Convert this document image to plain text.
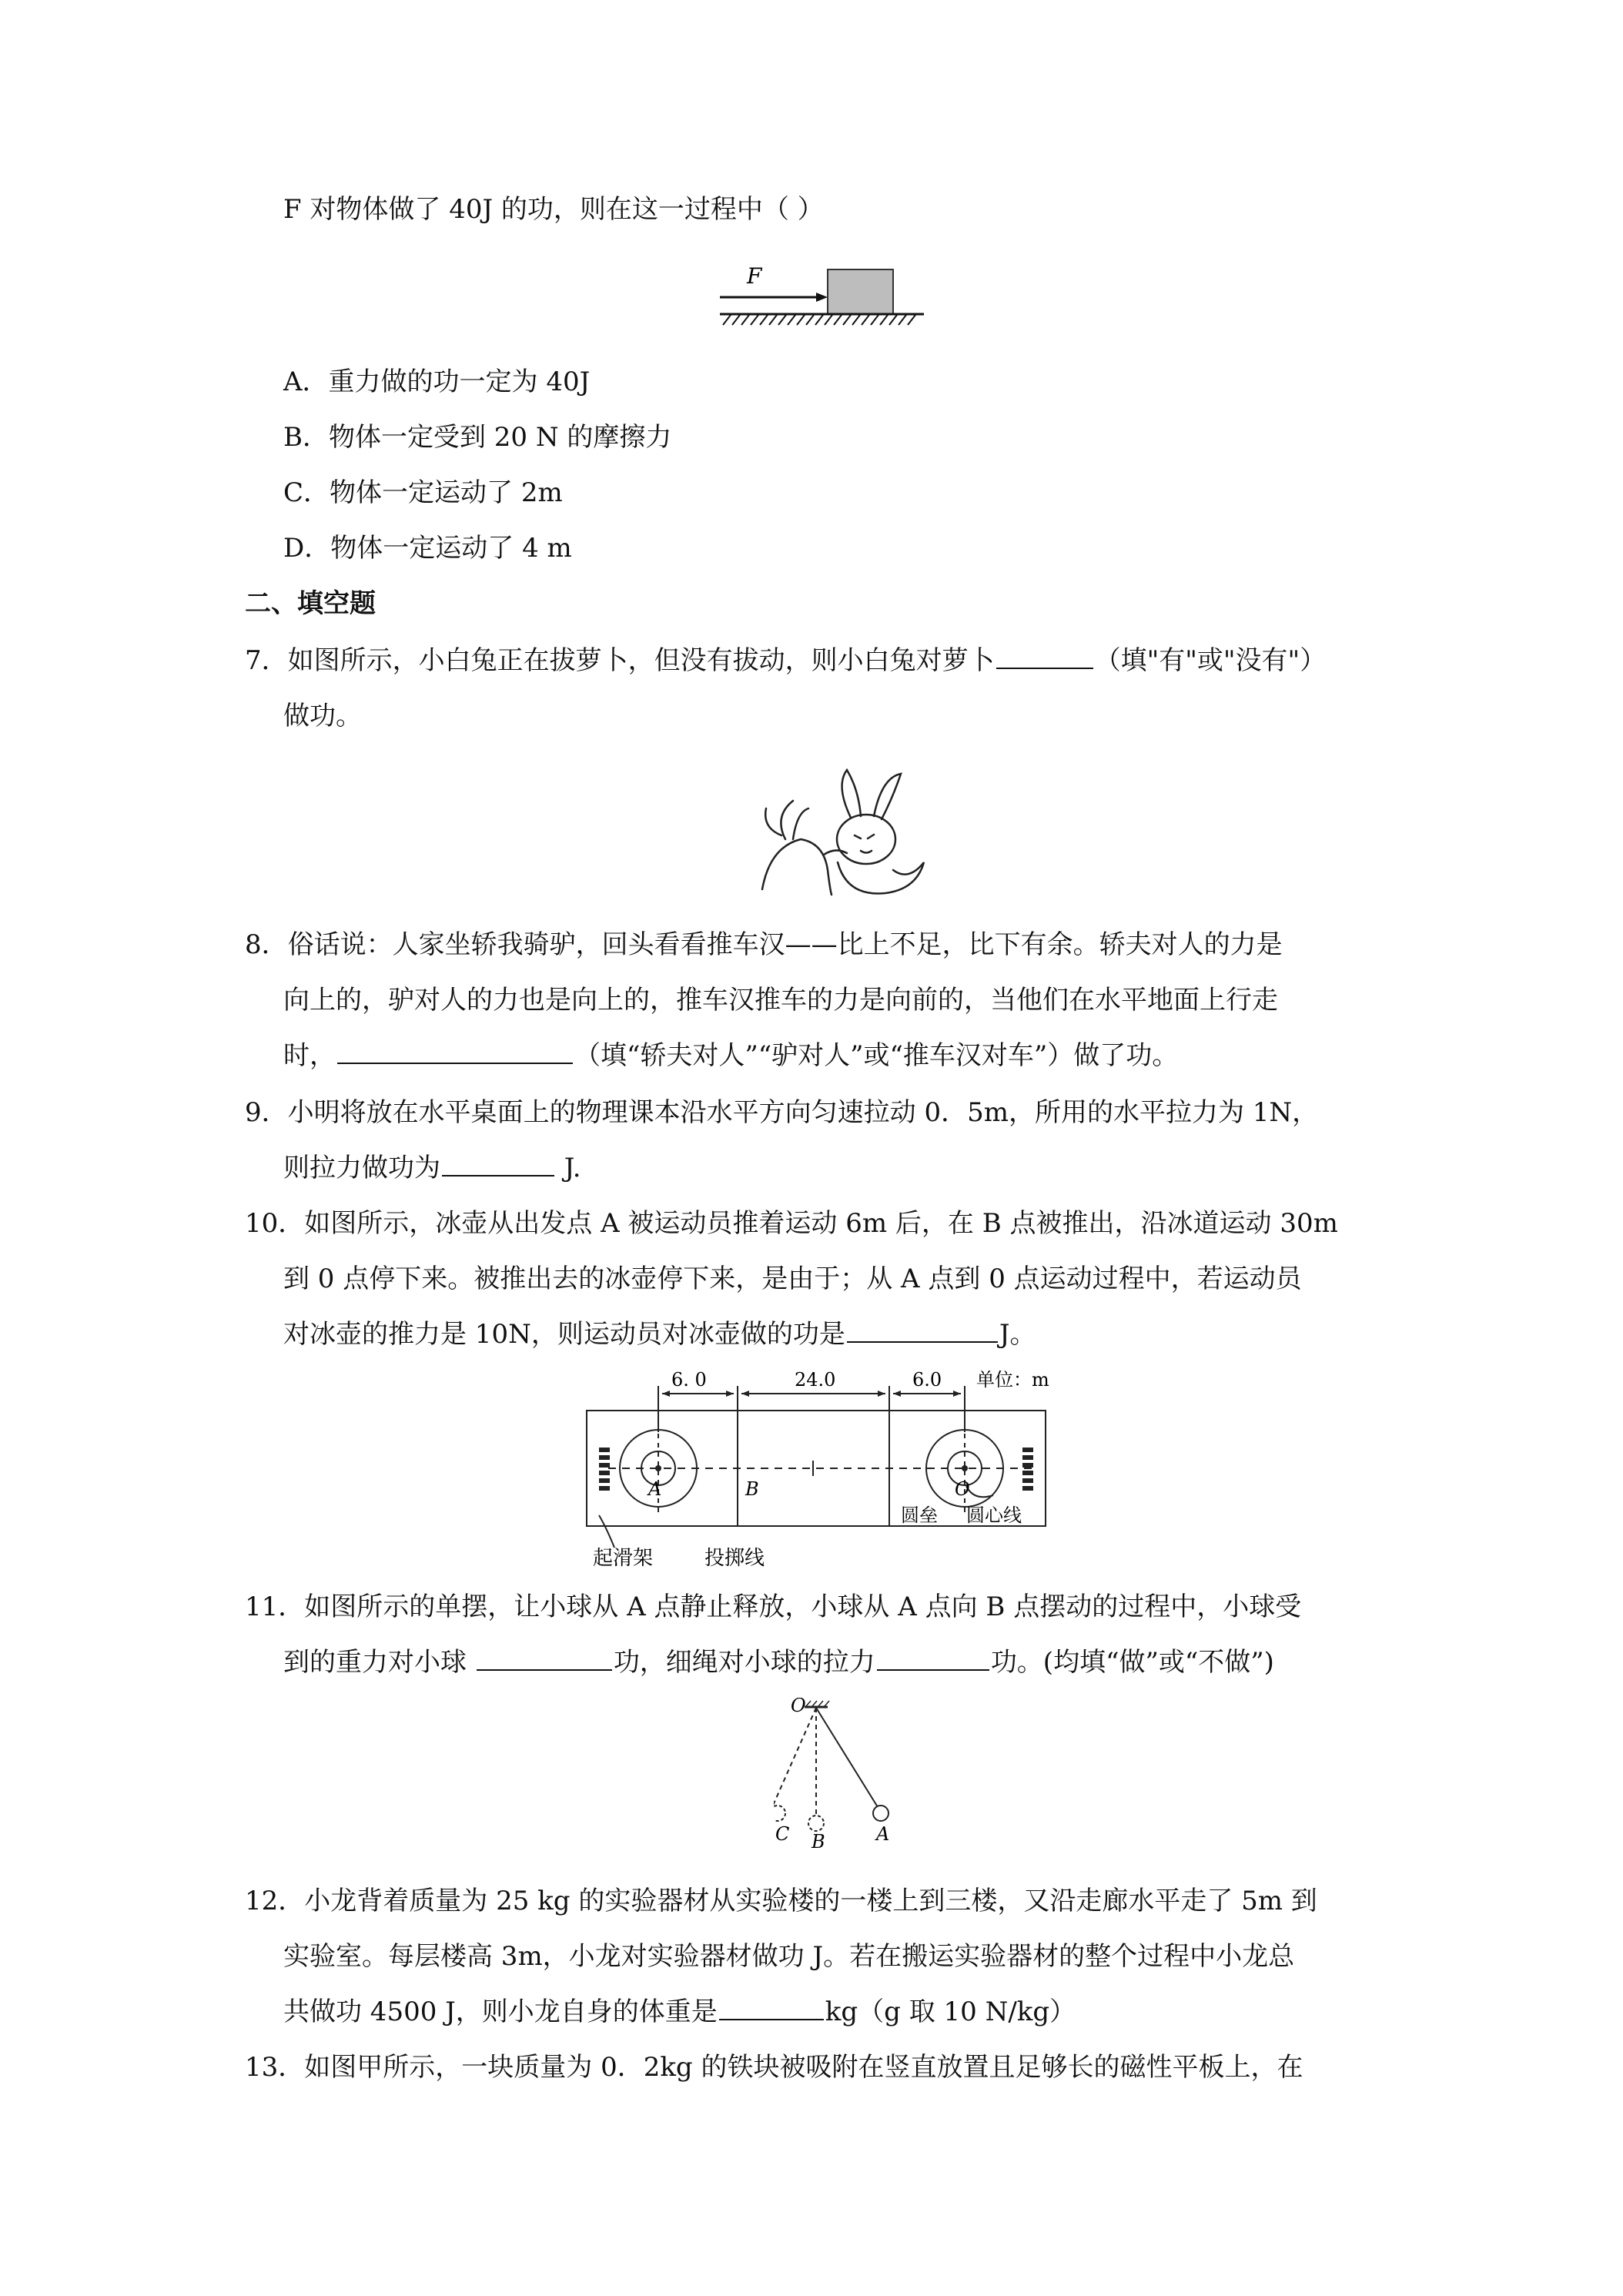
F 对物体做了 40J 的功，则在这一过程中（ ）
F
A．重力做的功一定为 40J
B．物体一定受到 20 N 的摩擦力
C．物体一定运动了 2m
D．物体一定运动了 4 m
二、填空题
7．如图所示，小白兔正在拔萝卜，但没有拔动，则小白兔对萝卜	（填"有"或"没有"）
做功。
8．俗话说：人家坐轿我骑驴，回头看看推车汉——比上不足，比下有余。轿夫对人的力是
向上的，驴对人的力也是向上的，推车汉推车的力是向前的，当他们在水平地面上行走
时，	（填“轿夫对人”“驴对人”或“推车汉对车”）做了功。
9．小明将放在水平桌面上的物理课本沿水平方向匀速拉动 0．5m，所用的水平拉力为 1N，
则拉力做功为	J.
10．如图所示，冰壶从出发点 A 被运动员推着运动 6m 后，在 B 点被推出，沿冰道运动 30m
到 0 点停下来。被推出去的冰壶停下来，是由于；从 A 点到 0 点运动过程中，若运动员
对冰壶的推力是 10N，则运动员对冰壶做的功是	J。
6. 0	24.0	6.0 单位：m
A	B	O
圆垒 圆心线
起滑架	投掷线
11．如图所示的单摆，让小球从 A 点静止释放，小球从 A 点向 B 点摆动的过程中，小球受
到的重力对小球	功，细绳对小球的拉力	功。(均填“做”或“不做”)
O
A
B
C
12．小龙背着质量为 25 kg 的实验器材从实验楼的一楼上到三楼，又沿走廊水平走了 5m 到
实验室。每层楼高 3m，小龙对实验器材做功 J。若在搬运实验器材的整个过程中小龙总
共做功 4500 J，则小龙自身的体重是	kg（g 取 10 N/kg）
13．如图甲所示，一块质量为 0．2kg 的铁块被吸附在竖直放置且足够长的磁性平板上，在
